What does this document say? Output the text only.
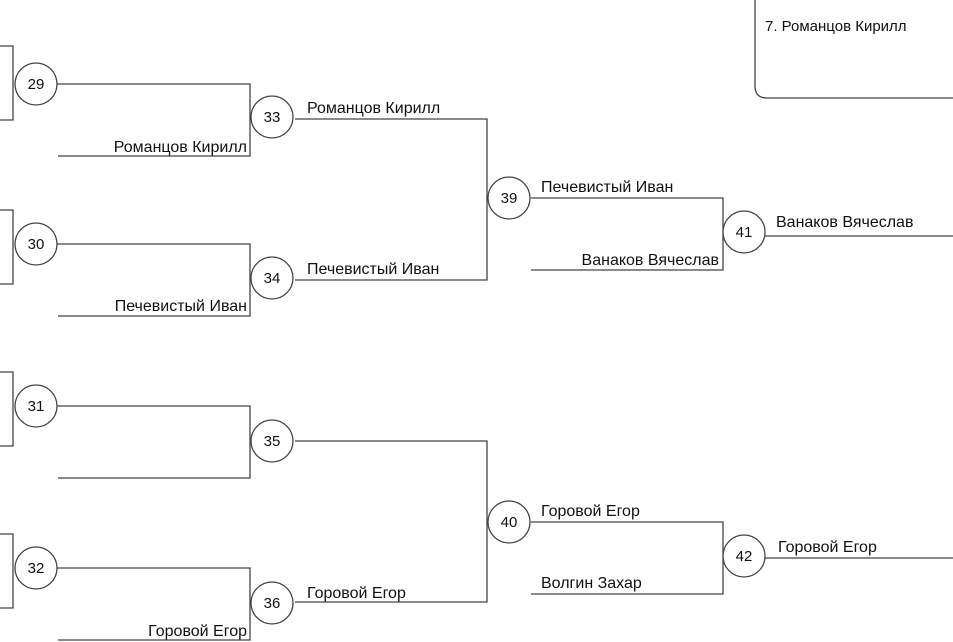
7. Романцов Кирилл
29
Романцов Кирилл
30
Печевистый Иван
31
32
Горовой Егор
33
Романцов Кирилл
34
Печевистый Иван
35
36
Горовой Егор
39
Печевистый Иван
Ванаков Вячеслав
41
Ванаков Вячеслав
40
Горовой Егор
Волгин Захар
42
Горовой Егор
